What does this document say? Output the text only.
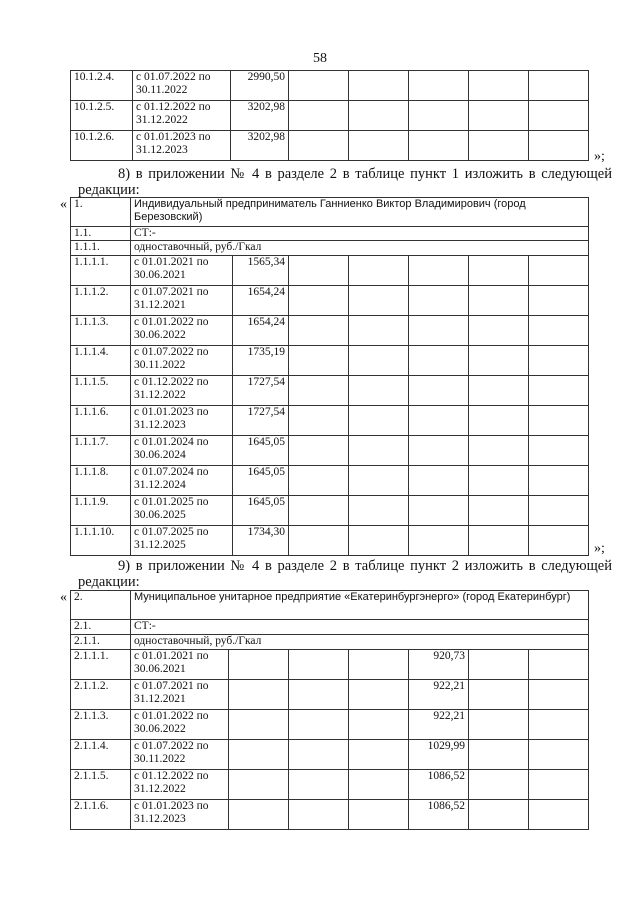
58
10.1.2.4.	с 01.07.2022 по
30.11.2022	2990,50					
10.1.2.5.	с 01.12.2022 по
31.12.2022	3202,98					
10.1.2.6.	с 01.01.2023 по
31.12.2023	3202,98					
»;
8) в приложении № 4 в разделе 2 в таблице пункт 1 изложить в следующей
редакции:
« 1.	Индивидуальный предприниматель Ганниенко Виктор Владимирович (город Березовский)						
1.1.	СТ:-						
1.1.1.	одноставочный, руб./Гкал						
1.1.1.1.	с 01.01.2021 по
30.06.2021	1565,34					
1.1.1.2.	с 01.07.2021 по
31.12.2021	1654,24					
1.1.1.3.	с 01.01.2022 по
30.06.2022	1654,24					
1.1.1.4.	с 01.07.2022 по
30.11.2022	1735,19					
1.1.1.5.	с 01.12.2022 по
31.12.2022	1727,54					
1.1.1.6.	с 01.01.2023 по
31.12.2023	1727,54					
1.1.1.7.	с 01.01.2024 по
30.06.2024	1645,05					
1.1.1.8.	с 01.07.2024 по
31.12.2024	1645,05					
1.1.1.9.	с 01.01.2025 по
30.06.2025	1645,05					
1.1.1.10.	с 01.07.2025 по
31.12.2025	1734,30					
»;
9) в приложении № 4 в разделе 2 в таблице пункт 2 изложить в следующей
редакции:
« 2.	Муниципальное унитарное предприятие «Екатеринбургэнерго» (город Екатеринбург)						
2.1.	СТ:-						
2.1.1.	одноставочный, руб./Гкал						
2.1.1.1.	с 01.01.2021 по
30.06.2021				920,73		
2.1.1.2.	с 01.07.2021 по
31.12.2021				922,21		
2.1.1.3.	с 01.01.2022 по
30.06.2022				922,21		
2.1.1.4.	с 01.07.2022 по
30.11.2022				1029,99		
2.1.1.5.	с 01.12.2022 по
31.12.2022				1086,52		
2.1.1.6.	с 01.01.2023 по
31.12.2023				1086,52		
